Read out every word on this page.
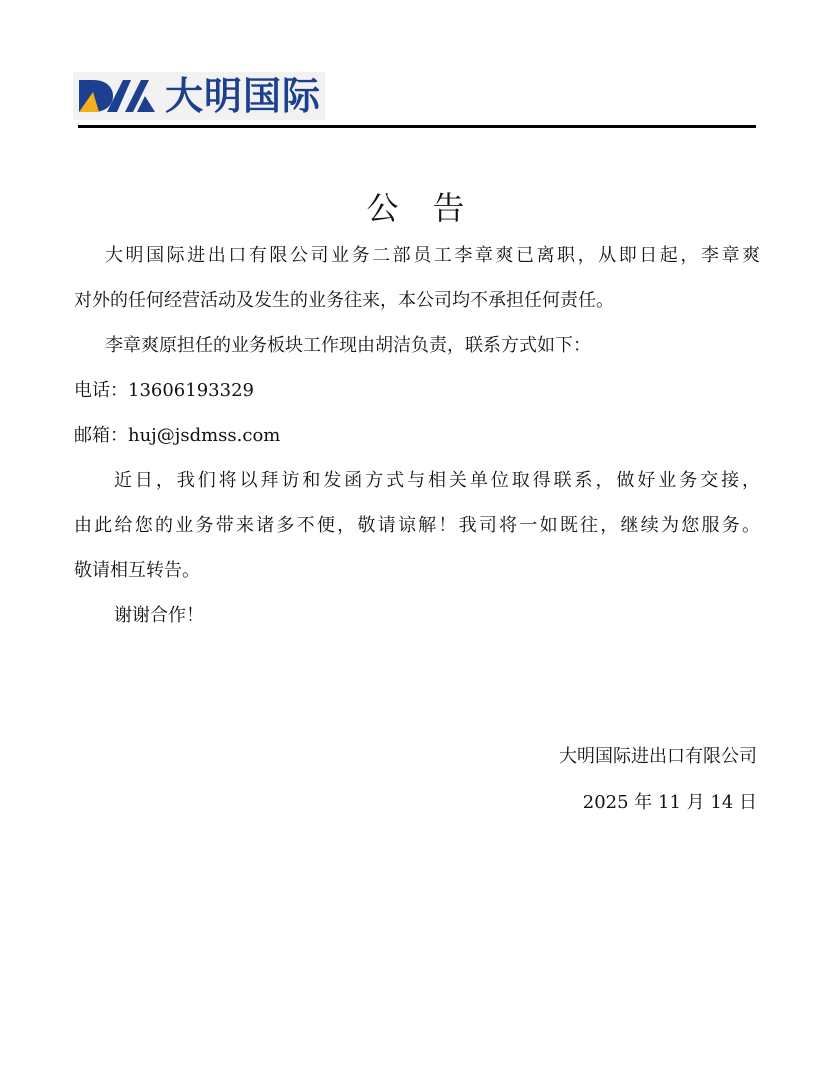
大明国际
公告

大明国际进出口有限公司业务二部员工李章爽已离职，从即日起，李章爽

对外的任何经营活动及发生的业务往来，本公司均不承担任何责任。

李章爽原担任的业务板块工作现由胡洁负责，联系方式如下：

电话：13606193329

邮箱：huj@jsdmss.com

近日，我们将以拜访和发函方式与相关单位取得联系，做好业务交接，

由此给您的业务带来诸多不便，敬请谅解！我司将一如既往，继续为您服务。

敬请相互转告。

谢谢合作！

大明国际进出口有限公司
2025 年 11 月 14 日
